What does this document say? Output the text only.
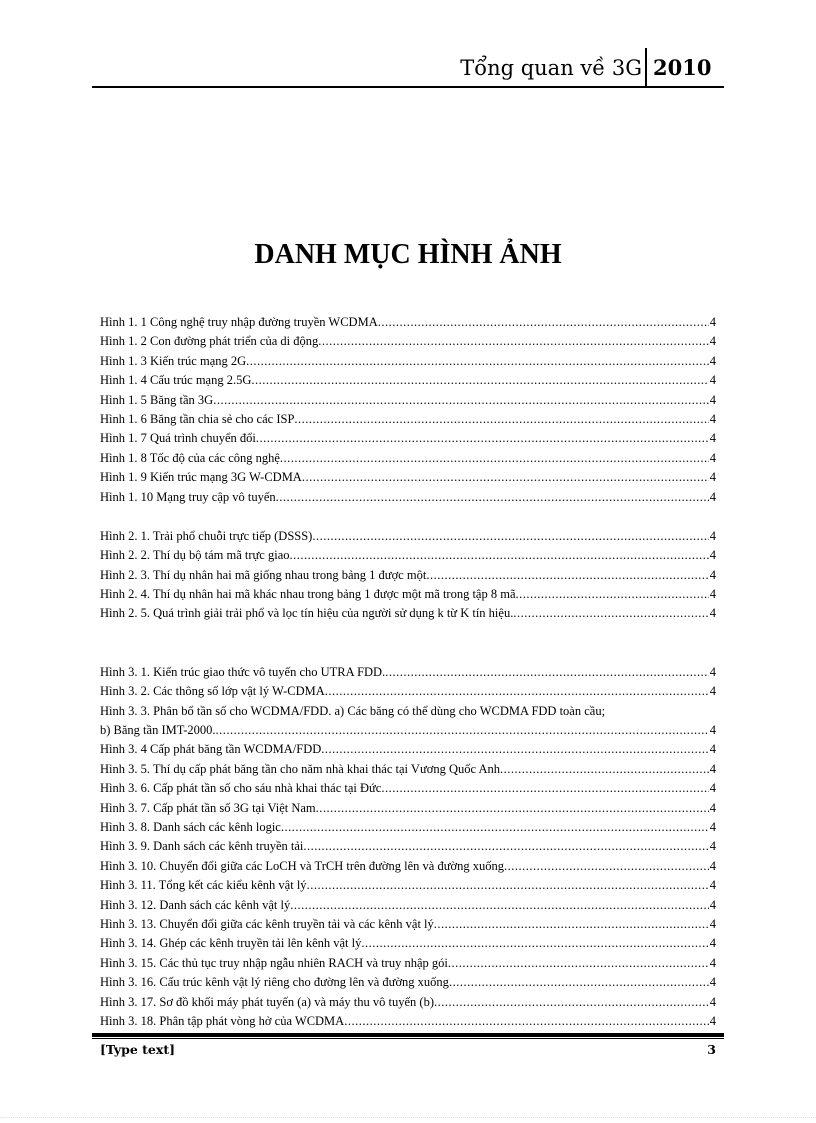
Tổng quan về 3G 2010
DANH MỤC HÌNH ẢNH
Hình 1. 1 Công nghệ truy nhập đường truyền WCDMA .....	4
Hình 1. 2 Con đường phát triển của di động .....	4
Hình 1. 3 Kiến trúc mạng 2G .....	4
Hình 1. 4 Cấu trúc mạng 2.5G .....	4
Hình 1. 5 Băng tần 3G .....	4
Hình 1. 6 Băng tần chia sẻ cho các ISP .....	4
Hình 1. 7 Quá trình chuyển đổi .....	4
Hình 1. 8 Tốc độ của các công nghệ .....	4
Hình 1. 9 Kiến trúc mạng 3G W-CDMA .....	4
Hình 1. 10 Mạng truy cập vô tuyến .....	4
Hình 2. 1. Trải phổ chuỗi trực tiếp (DSSS) .....	4
Hình 2. 2. Thí dụ bộ tám mã trực giao .....	4
Hình 2. 3. Thí dụ nhân hai mã giống nhau trong bảng 1 được một .....	4
Hình 2. 4. Thí dụ nhân hai mã khác nhau trong bảng 1 được một mã trong tập 8 mã .....	4
Hình 2. 5. Quá trình giải trải phổ và lọc tín hiệu của người sử dụng k từ K tín hiệu. .....	4
Hình 3. 1. Kiến trúc giao thức vô tuyến cho UTRA FDD. .....	4
Hình 3. 2. Các thông số lớp vật lý W-CDMA .....	4
Hình 3. 3. Phân bổ tần số cho WCDMA/FDD. a) Các băng có thể dùng cho WCDMA FDD toàn cầu;
b) Băng tần IMT-2000. .....	4
Hình 3. 4 Cấp phát băng tần WCDMA/FDD .....	4
Hình 3. 5. Thí dụ cấp phát băng tần cho năm nhà khai thác tại Vương Quốc Anh .....	4
Hình 3. 6. Cấp phát tần số cho sáu nhà khai thác tại Đức .....	4
Hình 3. 7. Cấp phát tần số 3G tại Việt Nam .....	4
Hình 3. 8. Danh sách các kênh logic .....	4
Hình 3. 9. Danh sách các kênh truyền tải .....	4
Hình 3. 10. Chuyển đổi giữa các LoCH và TrCH trên đường lên và đường xuống .....	4
Hình 3. 11. Tổng kết các kiểu kênh vật lý .....	4
Hình 3. 12. Danh sách các kênh vật lý .....	4
Hình 3. 13. Chuyển đổi giữa các kênh truyền tải và các kênh vật lý .....	4
Hình 3. 14. Ghép các kênh truyền tải lên kênh vật lý .....	4
Hình 3. 15. Các thủ tục truy nhập ngẫu nhiên RACH và truy nhập gói .....	4
Hình 3. 16. Cấu trúc kênh vật lý riêng cho đường lên và đường xuống .....	4
Hình 3. 17. Sơ đồ khối máy phát tuyến (a) và máy thu vô tuyến (b) .....	4
Hình 3. 18. Phân tập phát vòng hở của WCDMA .....	4
[Type text]	3
